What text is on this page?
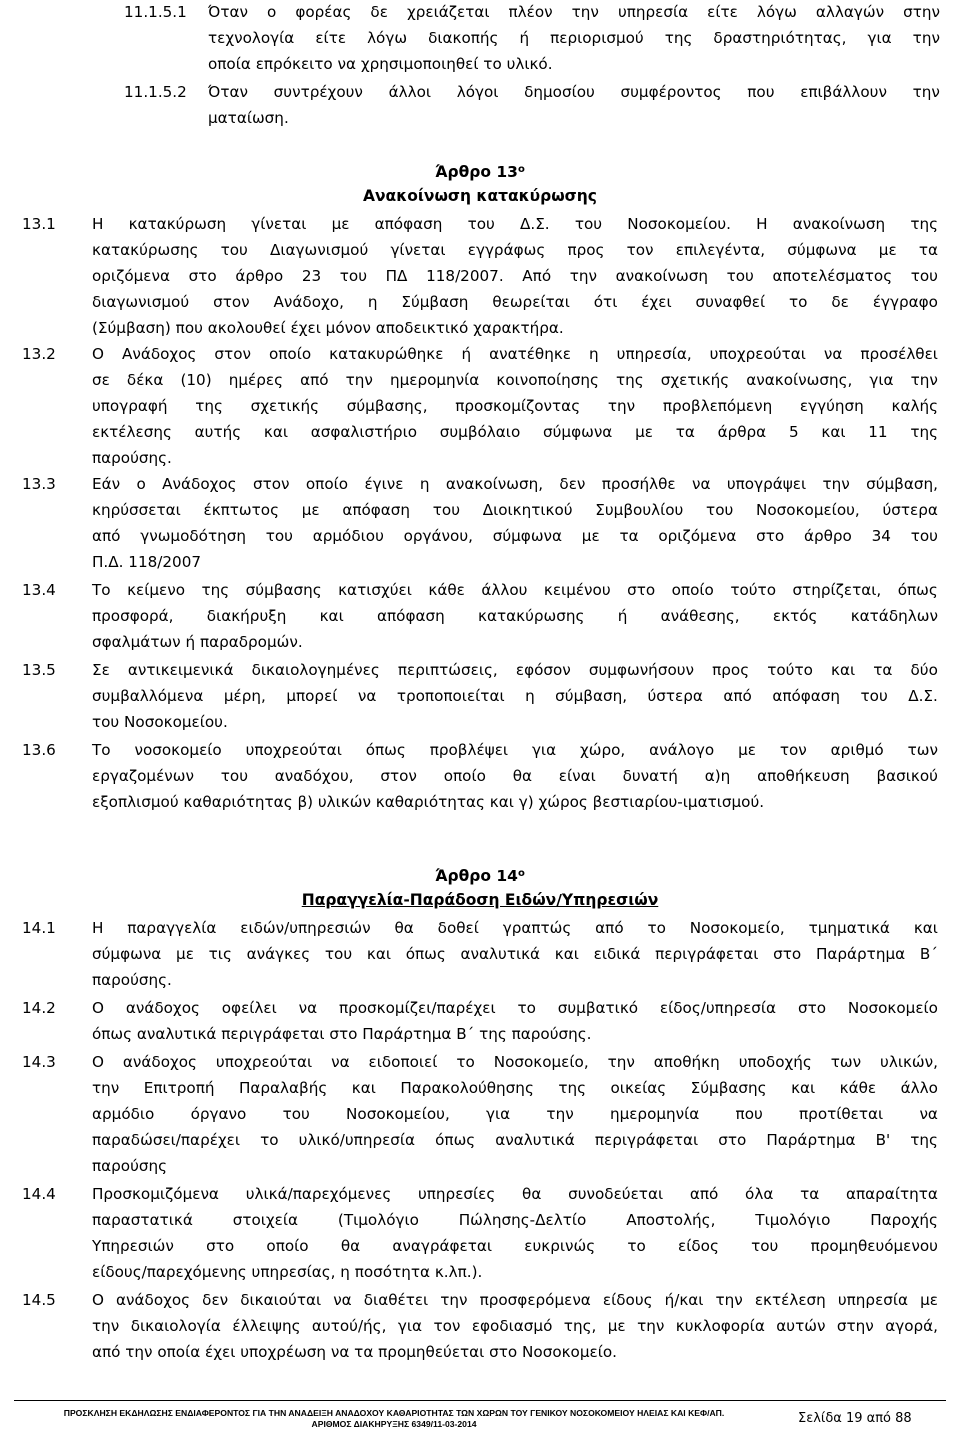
11.1.5.1 Όταν ο φορέας δε χρειάζεται πλέον την υπηρεσία είτε λόγω αλλαγών στην
τεχνολογία είτε λόγω διακοπής ή περιορισμού της δραστηριότητας, για την
οποία επρόκειτο να χρησιμοποιηθεί το υλικό.
11.1.5.2 Όταν συντρέχουν άλλοι λόγοι δημοσίου συμφέροντος που επιβάλλουν την
ματαίωση.
Άρθρο $13^o$
Ανακοίνωση κατακύρωσης
13.1 Η κατακύρωση γίνεται με απόφαση του Δ.Σ. του Νοσοκομείου. Η ανακοίνωση της
κατακύρωσης του Διαγωνισμού γίνεται εγγράφως προς τον επιλεγέντα, σύμφωνα με τα
οριζόμενα στο άρθρο 23 του ΠΔ 118/2007. Από την ανακοίνωση του αποτελέσματος του
διαγωνισμού στον Ανάδοχο, η Σύμβαση θεωρείται ότι έχει συναφθεί το δε έγγραφο
(Σύμβαση) που ακολουθεί έχει μόνον αποδεικτικό χαρακτήρα.
13.2 Ο Ανάδοχος στον οποίο κατακυρώθηκε ή ανατέθηκε η υπηρεσία, υποχρεούται να προσέλθει
σε δέκα (10) ημέρες από την ημερομηνία κοινοποίησης της σχετικής ανακοίνωσης, για την
υπογραφή της σχετικής σύμβασης, προσκομίζοντας την προβλεπόμενη εγγύηση καλής
εκτέλεσης αυτής και ασφαλιστήριο συμβόλαιο σύμφωνα με τα άρθρα 5 και 11 της
παρούσης.
13.3 Εάν ο Ανάδοχος στον οποίο έγινε η ανακοίνωση, δεν προσήλθε να υπογράψει την σύμβαση,
κηρύσσεται έκπτωτος με απόφαση του Διοικητικού Συμβουλίου του Νοσοκομείου, ύστερα
από γνωμοδότηση του αρμόδιου οργάνου, σύμφωνα με τα οριζόμενα στο άρθρο 34 του
Π.Δ. 118/2007
13.4 Το κείμενο της σύμβασης κατισχύει κάθε άλλου κειμένου στο οποίο τούτο στηρίζεται, όπως
προσφορά, διακήρυξη και απόφαση κατακύρωσης ή ανάθεσης, εκτός κατάδηλων
σφαλμάτων ή παραδρομών.
13.5 Σε αντικειμενικά δικαιολογημένες περιπτώσεις, εφόσον συμφωνήσουν προς τούτο και τα δύο
συμβαλλόμενα μέρη, μπορεί να τροποποιείται η σύμβαση, ύστερα από απόφαση του Δ.Σ.
του Νοσοκομείου.
13.6 Το νοσοκομείο υποχρεούται όπως προβλέψει για χώρο, ανάλογο με τον αριθμό των
εργαζομένων του αναδόχου, στον οποίο θα είναι δυνατή α)η αποθήκευση βασικού
εξοπλισμού καθαριότητας β) υλικών καθαριότητας και γ) χώρος βεστιαρίου-ιματισμού.
Άρθρο $14^o$
Παραγγελία-Παράδοση Ειδών/Υπηρεσιών
14.1 Η παραγγελία ειδών/υπηρεσιών θα δοθεί γραπτώς από το Νοσοκομείο, τμηματικά και
σύμφωνα με τις ανάγκες του και όπως αναλυτικά και ειδικά περιγράφεται στο Παράρτημα Β΄
παρούσης.
14.2 Ο ανάδοχος οφείλει να προσκομίζει/παρέχει το συμβατικό είδος/υπηρεσία στο Νοσοκομείο
όπως αναλυτικά περιγράφεται στο Παράρτημα Β΄ της παρούσης.
14.3 Ο ανάδοχος υποχρεούται να ειδοποιεί το Νοσοκομείο, την αποθήκη υποδοχής των υλικών,
την Επιτροπή Παραλαβής και Παρακολούθησης της οικείας Σύμβασης και κάθε άλλο
αρμόδιο όργανο του Νοσοκομείου, για την ημερομηνία που προτίθεται να
παραδώσει/παρέχει το υλικό/υπηρεσία όπως αναλυτικά περιγράφεται στο Παράρτημα Β' της
παρούσης
14.4 Προσκομιζόμενα υλικά/παρεχόμενες υπηρεσίες θα συνοδεύεται από όλα τα απαραίτητα
παραστατικά	στοιχεία	(Τιμολόγιο	Πώλησης-Δελτίο	Αποστολής,	Τιμολόγιο	Παροχής
Υπηρεσιών στο οποίο θα αναγράφεται ευκρινώς το είδος του προμηθευόμενου
είδους/παρεχόμενης υπηρεσίας, η ποσότητα κ.λπ.).
14.5 Ο ανάδοχος δεν δικαιούται να διαθέτει την προσφερόμενα είδους ή/και την εκτέλεση υπηρεσία με
την δικαιολογία έλλειψης αυτού/ής, για τον εφοδιασμό της, με την κυκλοφορία αυτών στην αγορά,
από την οποία έχει υποχρέωση να τα προμηθεύεται στο Νοσοκομείο.
ΠΡΟΣΚΛΗΣΗ ΕΚΔΗΛΩΣΗΣ ΕΝΔΙΑΦΕΡΟΝΤΟΣ ΓΙΑ ΤΗΝ ΑΝΑΔΕΙΞΗ ΑΝΑΔΟΧΟΥ ΚΑΘΑΡΙΟΤΗΤΑΣ ΤΩΝ ΧΩΡΩΝ ΤΟΥ ΓΕΝΙΚΟΥ ΝΟΣΟΚΟΜΕΙΟΥ ΗΛΕΙΑΣ ΚΑΙ ΚΕΦ/ΑΠ.
ΑΡΙΘΜΟΣ ΔΙΑΚΗΡΥΞΗΣ 6349/11-03-2014	Σελίδα 19 από 88
